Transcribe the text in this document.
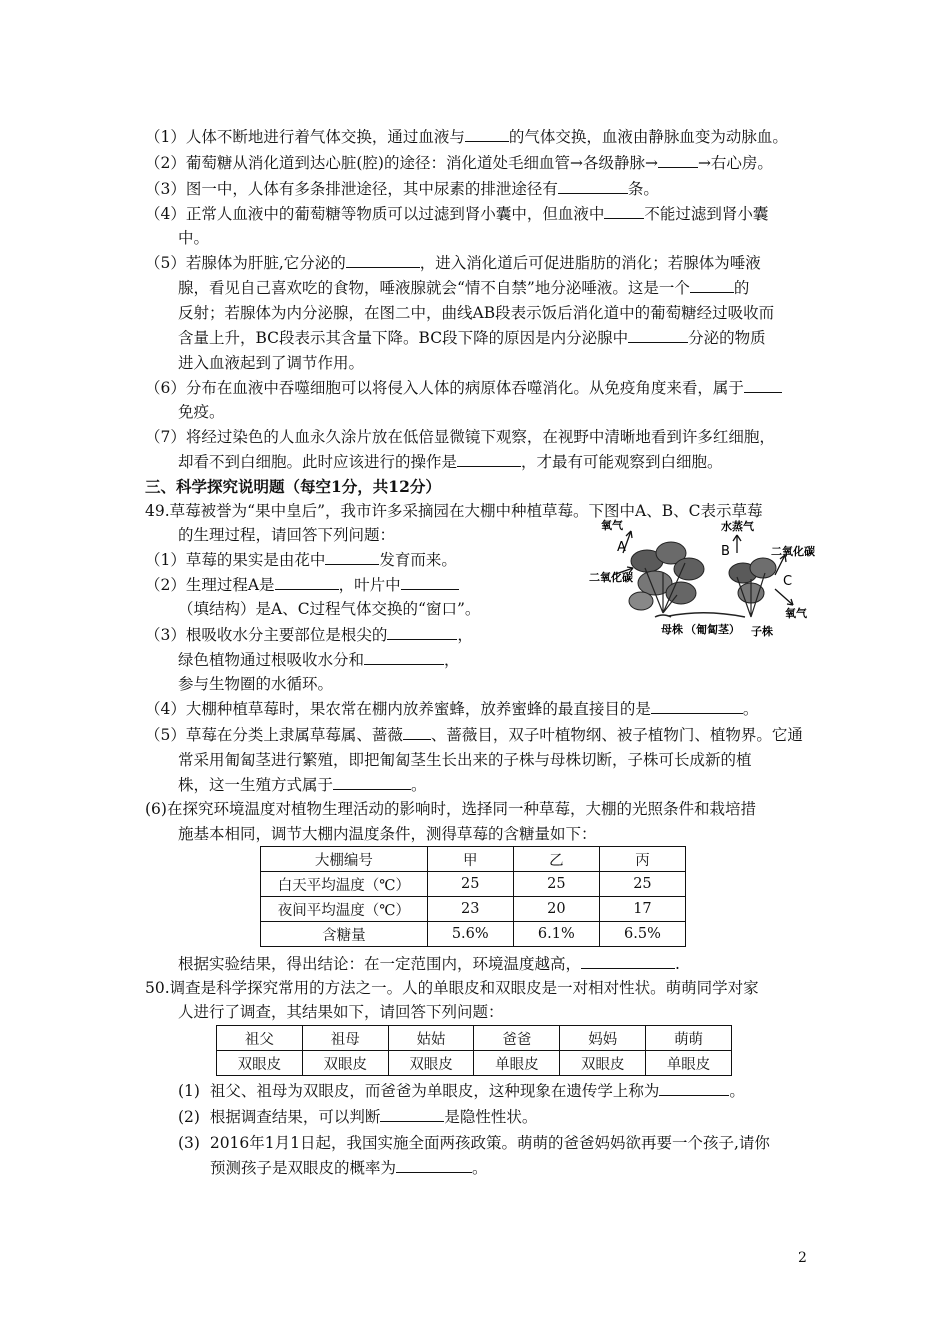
（1）人体不断地进行着气体交换，通过血液与	的气体交换，血液由静脉血变为动脉血。
（2）葡萄糖从消化道到达心脏(腔)的途径：消化道处毛细血管→各级静脉→	→右心房。
（3）图一中，人体有多条排泄途径，其中尿素的排泄途径有	条。
（4）正常人血液中的葡萄糖等物质可以过滤到肾小囊中，但血液中	不能过滤到肾小囊
中。
（5）若腺体为肝脏,它分泌的	，进入消化道后可促进脂肪的消化；若腺体为唾液
腺，看见自己喜欢吃的食物，唾液腺就会“情不自禁”地分泌唾液。这是一个	的
反射；若腺体为内分泌腺，在图二中，曲线AB段表示饭后消化道中的葡萄糖经过吸收而
含量上升，BC段表示其含量下降。BC段下降的原因是内分泌腺中	分泌的物质
进入血液起到了调节作用。
（6）分布在血液中吞噬细胞可以将侵入人体的病原体吞噬消化。从免疫角度来看，属于
免疫。
（7）将经过染色的人血永久涂片放在低倍显微镜下观察，在视野中清晰地看到许多红细胞，
却看不到白细胞。此时应该进行的操作是	，才最有可能观察到白细胞。
三、科学探究说明题（每空1分，共12分）
49.草莓被誉为“果中皇后”，我市许多采摘园在大棚中种植草莓。下图中A、B、C表示草莓
的生理过程，请回答下列问题：
（1）草莓的果实是由花中	发育而来。
（2）生理过程A是	，叶片中
（填结构）是A、C过程气体交换的“窗口”。
（3）根吸收水分主要部位是根尖的	，
绿色植物通过根吸收水分和	，
参与生物圈的水循环。
氧气
A
二氧化碳
水蒸气
B	二氧化碳
C
氧气
母株 （匍匐茎） 子株
（4）大棚种植草莓时，果农常在棚内放养蜜蜂，放养蜜蜂的最直接目的是	。
（5）草莓在分类上隶属草莓属、蔷薇 、蔷薇目，双子叶植物纲、被子植物门、植物界。它通
常采用匍匐茎进行繁殖，即把匍匐茎生长出来的子株与母株切断，子株可长成新的植
株，这一生殖方式属于	。
(6)在探究环境温度对植物生理活动的影响时，选择同一种草莓，大棚的光照条件和栽培措
施基本相同，调节大棚内温度条件，测得草莓的含糖量如下：
大棚编号	甲	乙	丙
白天平均温度（℃）	25	25	25
夜间平均温度（℃）	23	20	17
含糖量	5.6%	6.1%	6.5%
根据实验结果，得出结论：在一定范围内，环境温度越高，	.
50.调查是科学探究常用的方法之一。人的单眼皮和双眼皮是一对相对性状。萌萌同学对家
人进行了调查，其结果如下，请回答下列问题：
祖父	祖母	姑姑	爸爸	妈妈	萌萌
双眼皮	双眼皮	双眼皮	单眼皮	双眼皮	单眼皮
(1) 祖父、祖母为双眼皮，而爸爸为单眼皮，这种现象在遗传学上称为	。
(2) 根据调查结果，可以判断	是隐性性状。
(3) 2016年1月1日起，我国实施全面两孩政策。萌萌的爸爸妈妈欲再要一个孩子,请你
预测孩子是双眼皮的概率为	。
2
